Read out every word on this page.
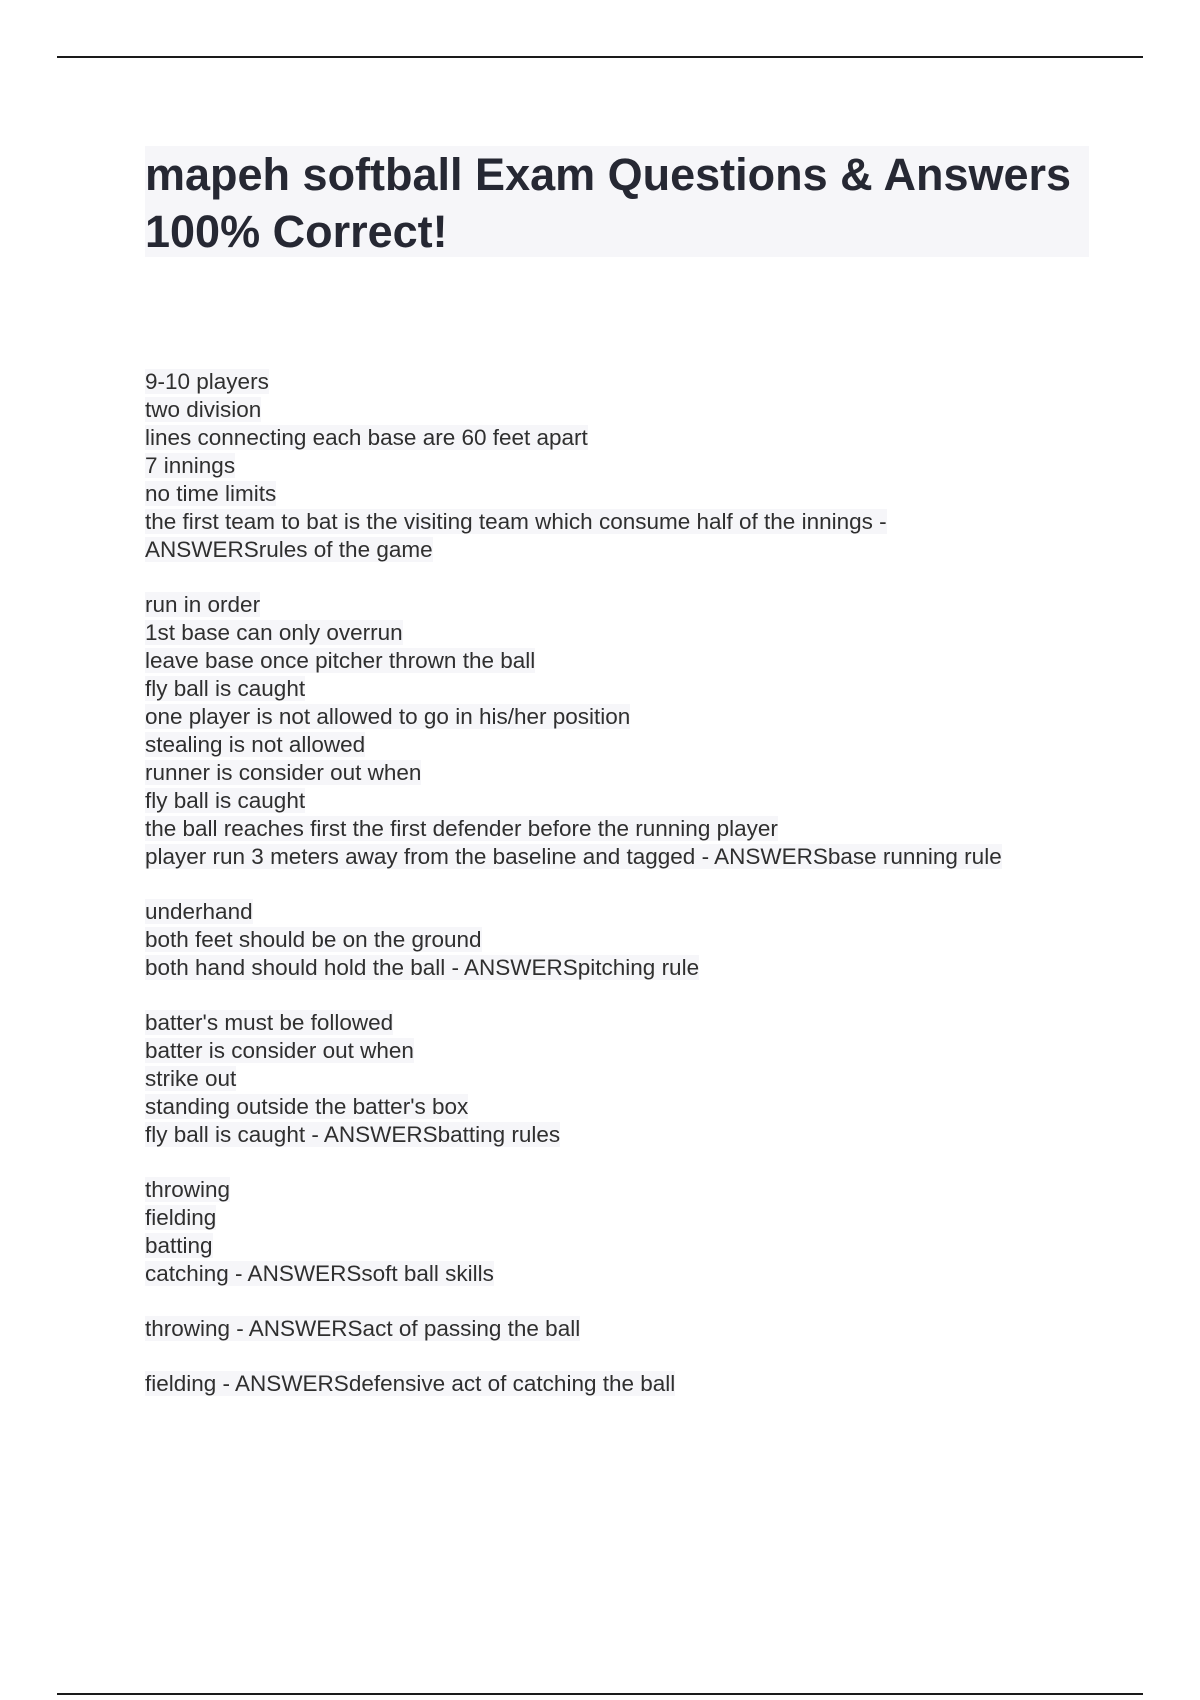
mapeh softball Exam Questions & Answers 100% Correct!
9-10 players
two division
lines connecting each base are 60 feet apart
7 innings
no time limits
the first team to bat is the visiting team which consume half of the innings -
ANSWERSrules of the game
run in order
1st base can only overrun
leave base once pitcher thrown the ball
fly ball is caught
one player is not allowed to go in his/her position
stealing is not allowed
runner is consider out when
fly ball is caught
the ball reaches first the first defender before the running player
player run 3 meters away from the baseline and tagged - ANSWERSbase running rule
underhand
both feet should be on the ground
both hand should hold the ball - ANSWERSpitching rule
batter's must be followed
batter is consider out when
strike out
standing outside the batter's box
fly ball is caught - ANSWERSbatting rules
throwing
fielding
batting
catching - ANSWERSsoft ball skills
throwing - ANSWERSact of passing the ball
fielding - ANSWERSdefensive act of catching the ball
